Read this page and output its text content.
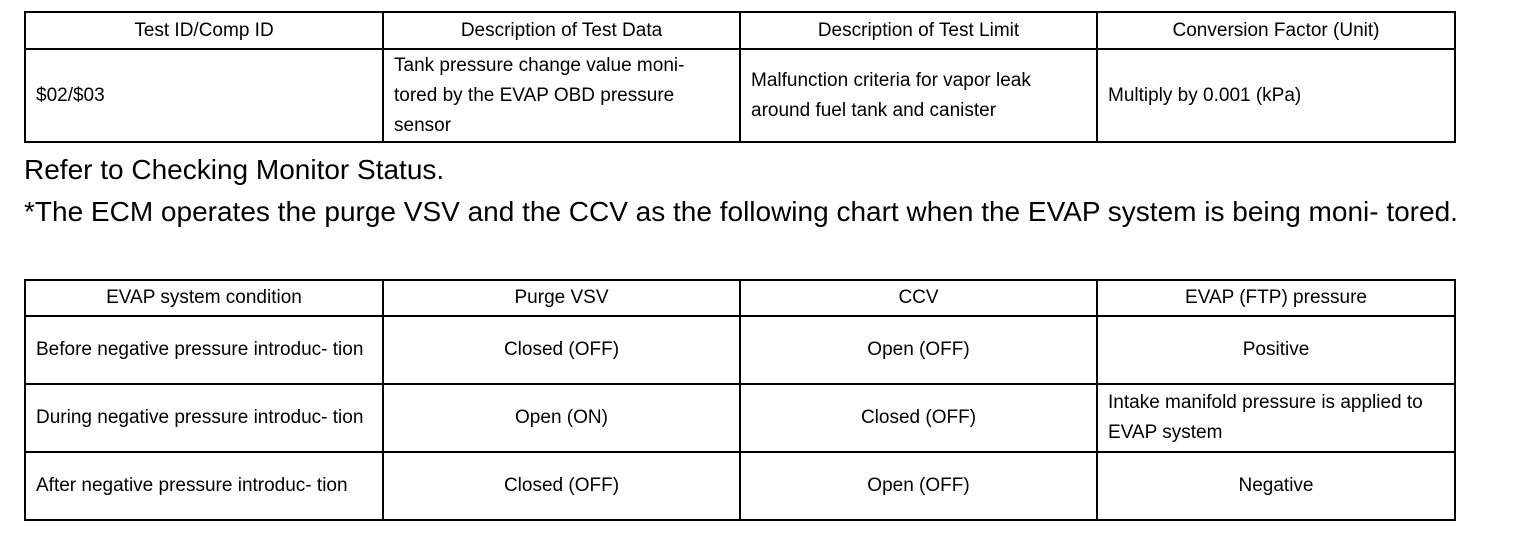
Test ID/Comp ID	Description of Test Data	Description of Test Limit	Conversion Factor (Unit)
$02/$03	Tank pressure change value moni- tored by the EVAP OBD pressure sensor	Malfunction criteria for vapor leak around fuel tank and canister	Multiply by 0.001 (kPa)

Refer to Checking Monitor Status.

*The ECM operates the purge VSV and the CCV as the following chart when the EVAP system is being moni- tored.

EVAP system condition	Purge VSV	CCV	EVAP (FTP) pressure
Before negative pressure introduc- tion	Closed (OFF)	Open (OFF)	Positive
During negative pressure introduc- tion	Open (ON)	Closed (OFF)	Intake manifold pressure is applied to EVAP system
After negative pressure introduc- tion	Closed (OFF)	Open (OFF)	Negative
